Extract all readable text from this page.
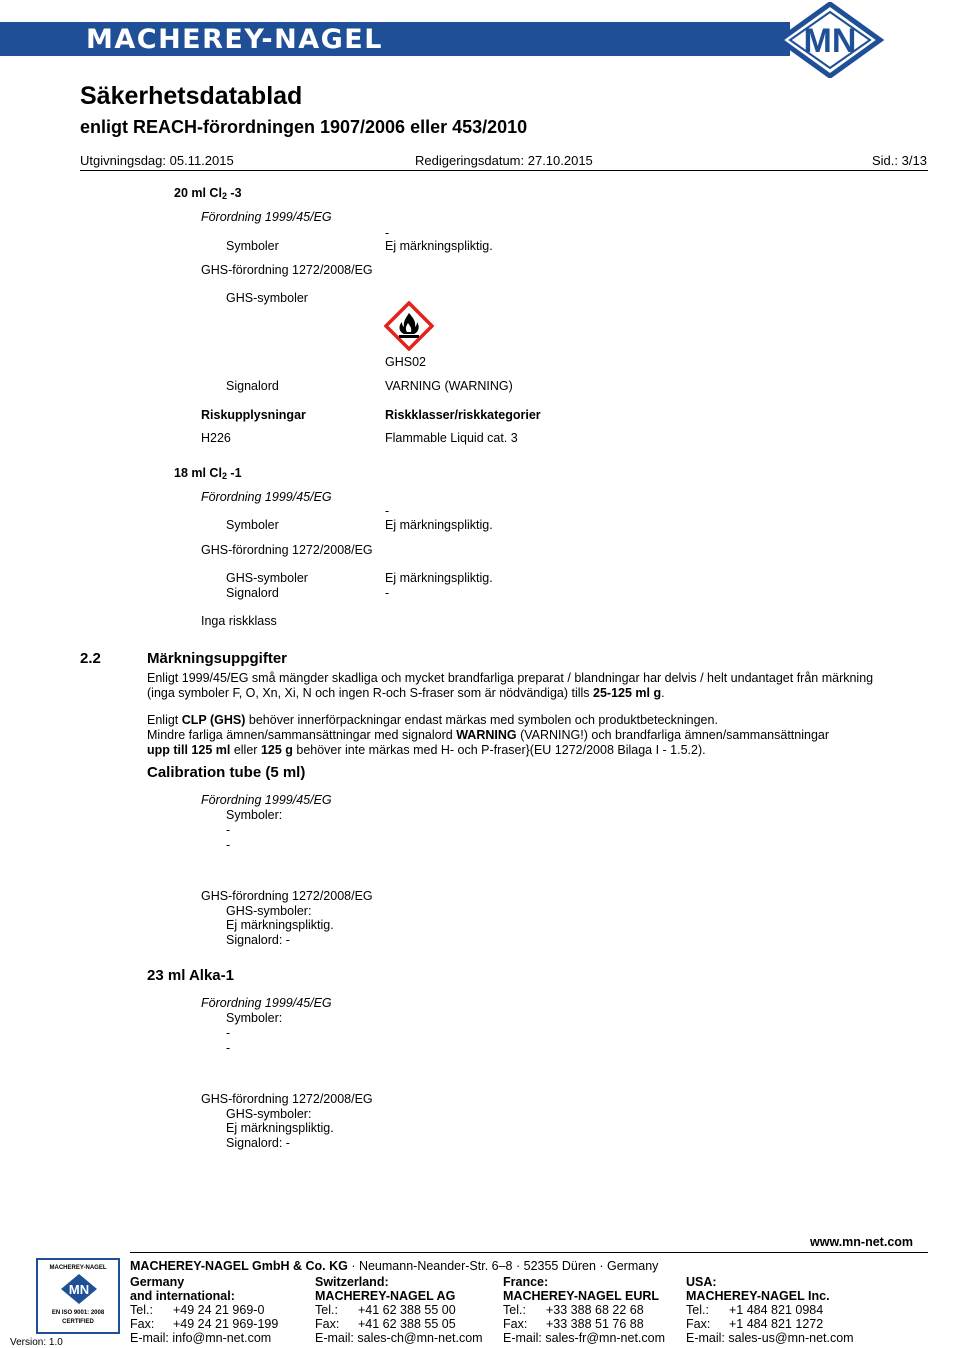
MACHEREY-NAGEL	MN
Säkerhetsdatablad
enligt REACH-förordningen 1907/2006 eller 453/2010
Utgivningsdag: 05.11.2015	Redigeringsdatum: 27.10.2015	Sid.: 3/13
20 ml $Cl_2$ -3
Förordning 1999/45/EG
-
Symboler	Ej märkningspliktig.
GHS-förordning 1272/2008/EG
GHS-symboler
GHS02
Signalord	VARNING (WARNING)
Riskupplysningar	Riskklasser/riskkategorier
H226	Flammable Liquid cat. 3
18 ml $Cl_2$ -1
Förordning 1999/45/EG
-
Symboler	Ej märkningspliktig.
GHS-förordning 1272/2008/EG
GHS-symboler	Ej märkningspliktig.
Signalord	-
Inga riskklass
2.2	Märkningsuppgifter
Enligt 1999/45/EG små mängder skadliga och mycket brandfarliga preparat / blandningar har delvis / helt undantaget från märkning
(inga symboler F, O, Xn, Xi, N och ingen R-och S-fraser som är nödvändiga) tills 25-125 ml g.
Enligt CLP (GHS) behöver innerförpackningar endast märkas med symbolen och produktbeteckningen.
Mindre farliga ämnen/sammansättningar med signalord WARNING (VARNING!) och brandfarliga ämnen/sammansättningar
upp till 125 ml eller 125 g behöver inte märkas med H- och P-fraser}(EU 1272/2008 Bilaga I - 1.5.2).
Calibration tube (5 ml)
Förordning 1999/45/EG
Symboler:
-
-
GHS-förordning 1272/2008/EG
GHS-symboler:
Ej märkningspliktig.
Signalord: -
23 ml Alka-1
Förordning 1999/45/EG
Symboler:
-
-
GHS-förordning 1272/2008/EG
GHS-symboler:
Ej märkningspliktig.
Signalord: -
www.mn-net.com
MACHEREY-NAGEL GmbH & Co. KG · Neumann-Neander-Str. 6–8 · 52355 Düren · Germany
MACHEREY-NAGEL
MN
EN ISO 9001: 2008
CERTIFIED
Version: 1.0
Germany
and international:
Tel.: +49 24 21 969-0
Fax: +49 24 21 969-199
E-mail: info@mn-net.com
Switzerland:
MACHEREY-NAGEL AG
Tel.: +41 62 388 55 00
Fax: +41 62 388 55 05
E-mail: sales-ch@mn-net.com
France:
MACHEREY-NAGEL EURL
Tel.: +33 388 68 22 68
Fax: +33 388 51 76 88
E-mail: sales-fr@mn-net.com
USA:
MACHEREY-NAGEL Inc.
Tel.: +1 484 821 0984
Fax: +1 484 821 1272
E-mail: sales-us@mn-net.com
